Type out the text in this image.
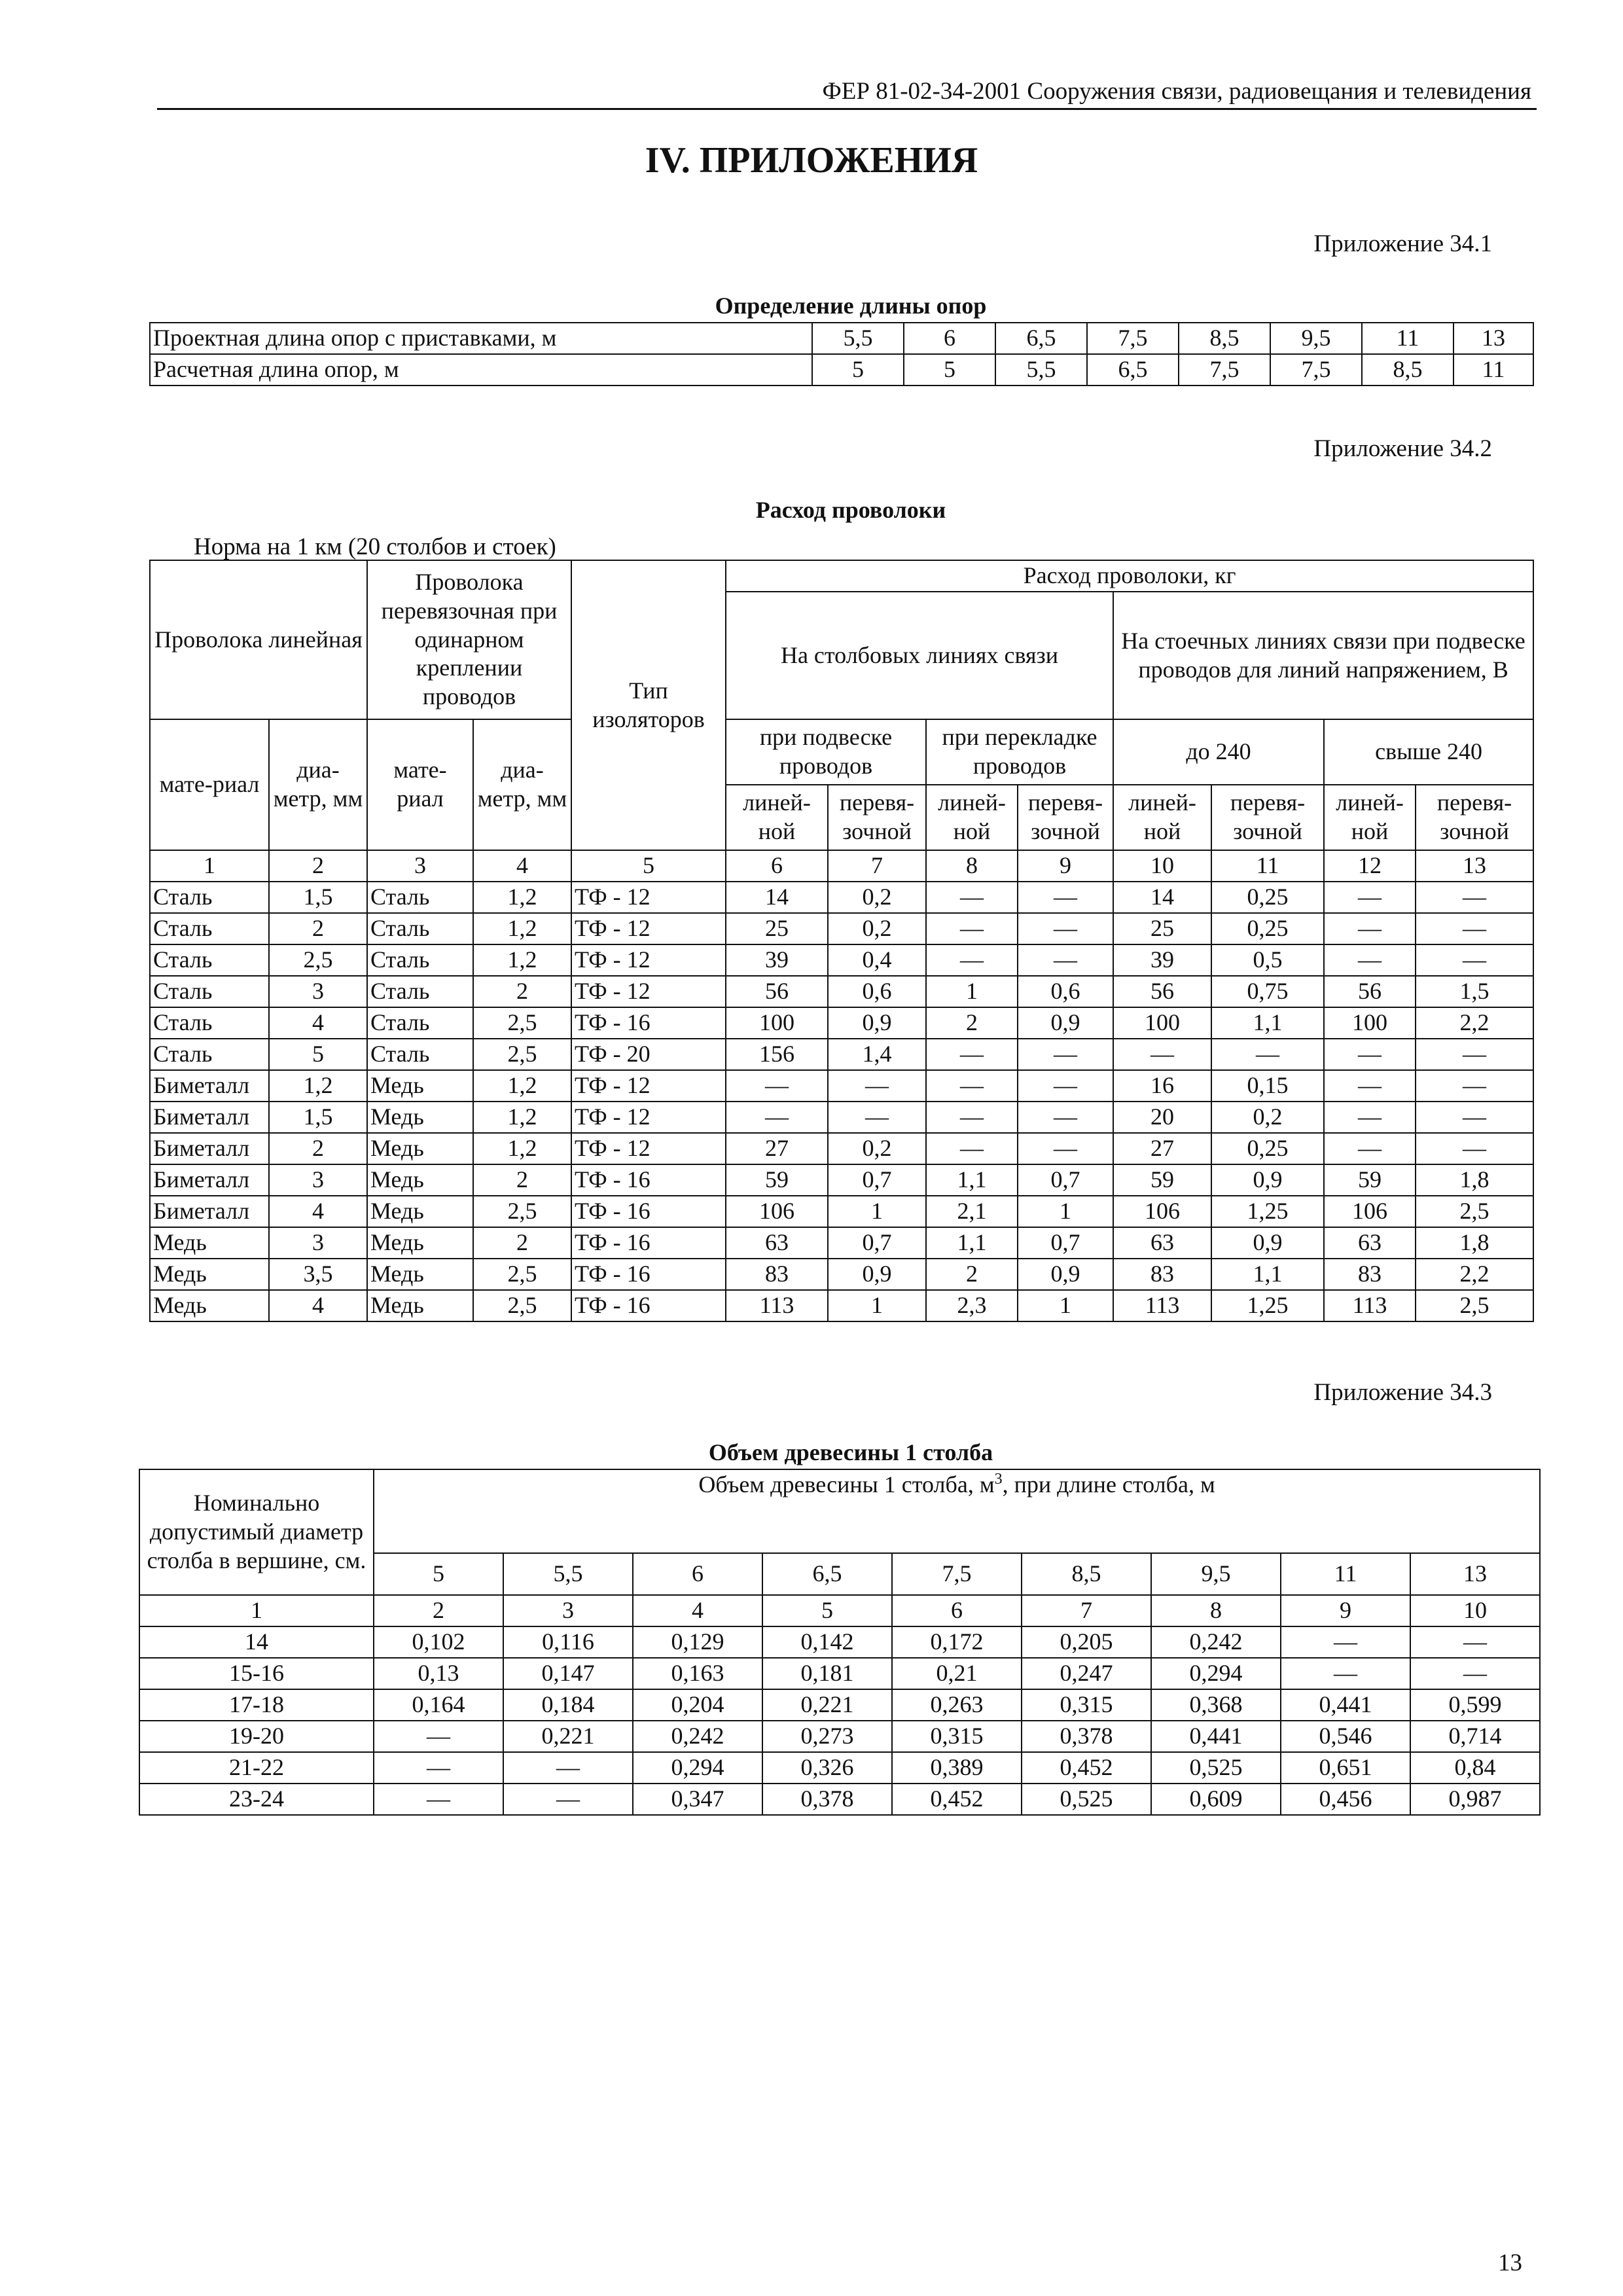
ФЕР 81-02-34-2001 Сооружения связи, радиовещания и телевидения
IV. ПРИЛОЖЕНИЯ
Приложение 34.1
Определение длины опор
Проектная длина опор с приставками, м	5,5	6	6,5	7,5	8,5	9,5	11	13
Расчетная длина опор, м	5	5	5,5	6,5	7,5	7,5	8,5	11
Приложение 34.2
Расход проволоки
Норма на 1 км (20 столбов и стоек)
Проволока линейная		Проволока перевязочная при одинарном креплении проводов		Тип изоляторов	Расход проволоки, кг							
					На столбовых линиях связи				На стоечных линиях связи при подвеске проводов для линий напряжением, В			
мате-риал	диа-метр, мм	мате-риал	диа-метр, мм		при подвеске проводов		при перекладке проводов		до 240		свыше 240	
					линей-ной	перевя-зочной	линей-ной	перевя-зочной	линей-ной	перевя-зочной	линей-ной	перевя-зочной
1	2	3	4	5	6	7	8	9	10	11	12	13
Сталь	1,5	Сталь	1,2	ТФ - 12	14	0,2	—	—	14	0,25	—	—
Сталь	2	Сталь	1,2	ТФ - 12	25	0,2	—	—	25	0,25	—	—
Сталь	2,5	Сталь	1,2	ТФ - 12	39	0,4	—	—	39	0,5	—	—
Сталь	3	Сталь	2	ТФ - 12	56	0,6	1	0,6	56	0,75	56	1,5
Сталь	4	Сталь	2,5	ТФ - 16	100	0,9	2	0,9	100	1,1	100	2,2
Сталь	5	Сталь	2,5	ТФ - 20	156	1,4	—	—	—	—	—	—
Биметалл	1,2	Медь	1,2	ТФ - 12	—	—	—	—	16	0,15	—	—
Биметалл	1,5	Медь	1,2	ТФ - 12	—	—	—	—	20	0,2	—	—
Биметалл	2	Медь	1,2	ТФ - 12	27	0,2	—	—	27	0,25	—	—
Биметалл	3	Медь	2	ТФ - 16	59	0,7	1,1	0,7	59	0,9	59	1,8
Биметалл	4	Медь	2,5	ТФ - 16	106	1	2,1	1	106	1,25	106	2,5
Медь	3	Медь	2	ТФ - 16	63	0,7	1,1	0,7	63	0,9	63	1,8
Медь	3,5	Медь	2,5	ТФ - 16	83	0,9	2	0,9	83	1,1	83	2,2
Медь	4	Медь	2,5	ТФ - 16	113	1	2,3	1	113	1,25	113	2,5
Приложение 34.3
Объем древесины 1 столба
Номинально допустимый диаметр столба в вершине, см.	Объем древесины 1 столба, $м^3$, при длине столба, м								
	5	5,5	6	6,5	7,5	8,5	9,5	11	13
1	2	3	4	5	6	7	8	9	10
14	0,102	0,116	0,129	0,142	0,172	0,205	0,242	—	—
15-16	0,13	0,147	0,163	0,181	0,21	0,247	0,294	—	—
17-18	0,164	0,184	0,204	0,221	0,263	0,315	0,368	0,441	0,599
19-20	—	0,221	0,242	0,273	0,315	0,378	0,441	0,546	0,714
21-22	—	—	0,294	0,326	0,389	0,452	0,525	0,651	0,84
23-24	—	—	0,347	0,378	0,452	0,525	0,609	0,456	0,987
13
